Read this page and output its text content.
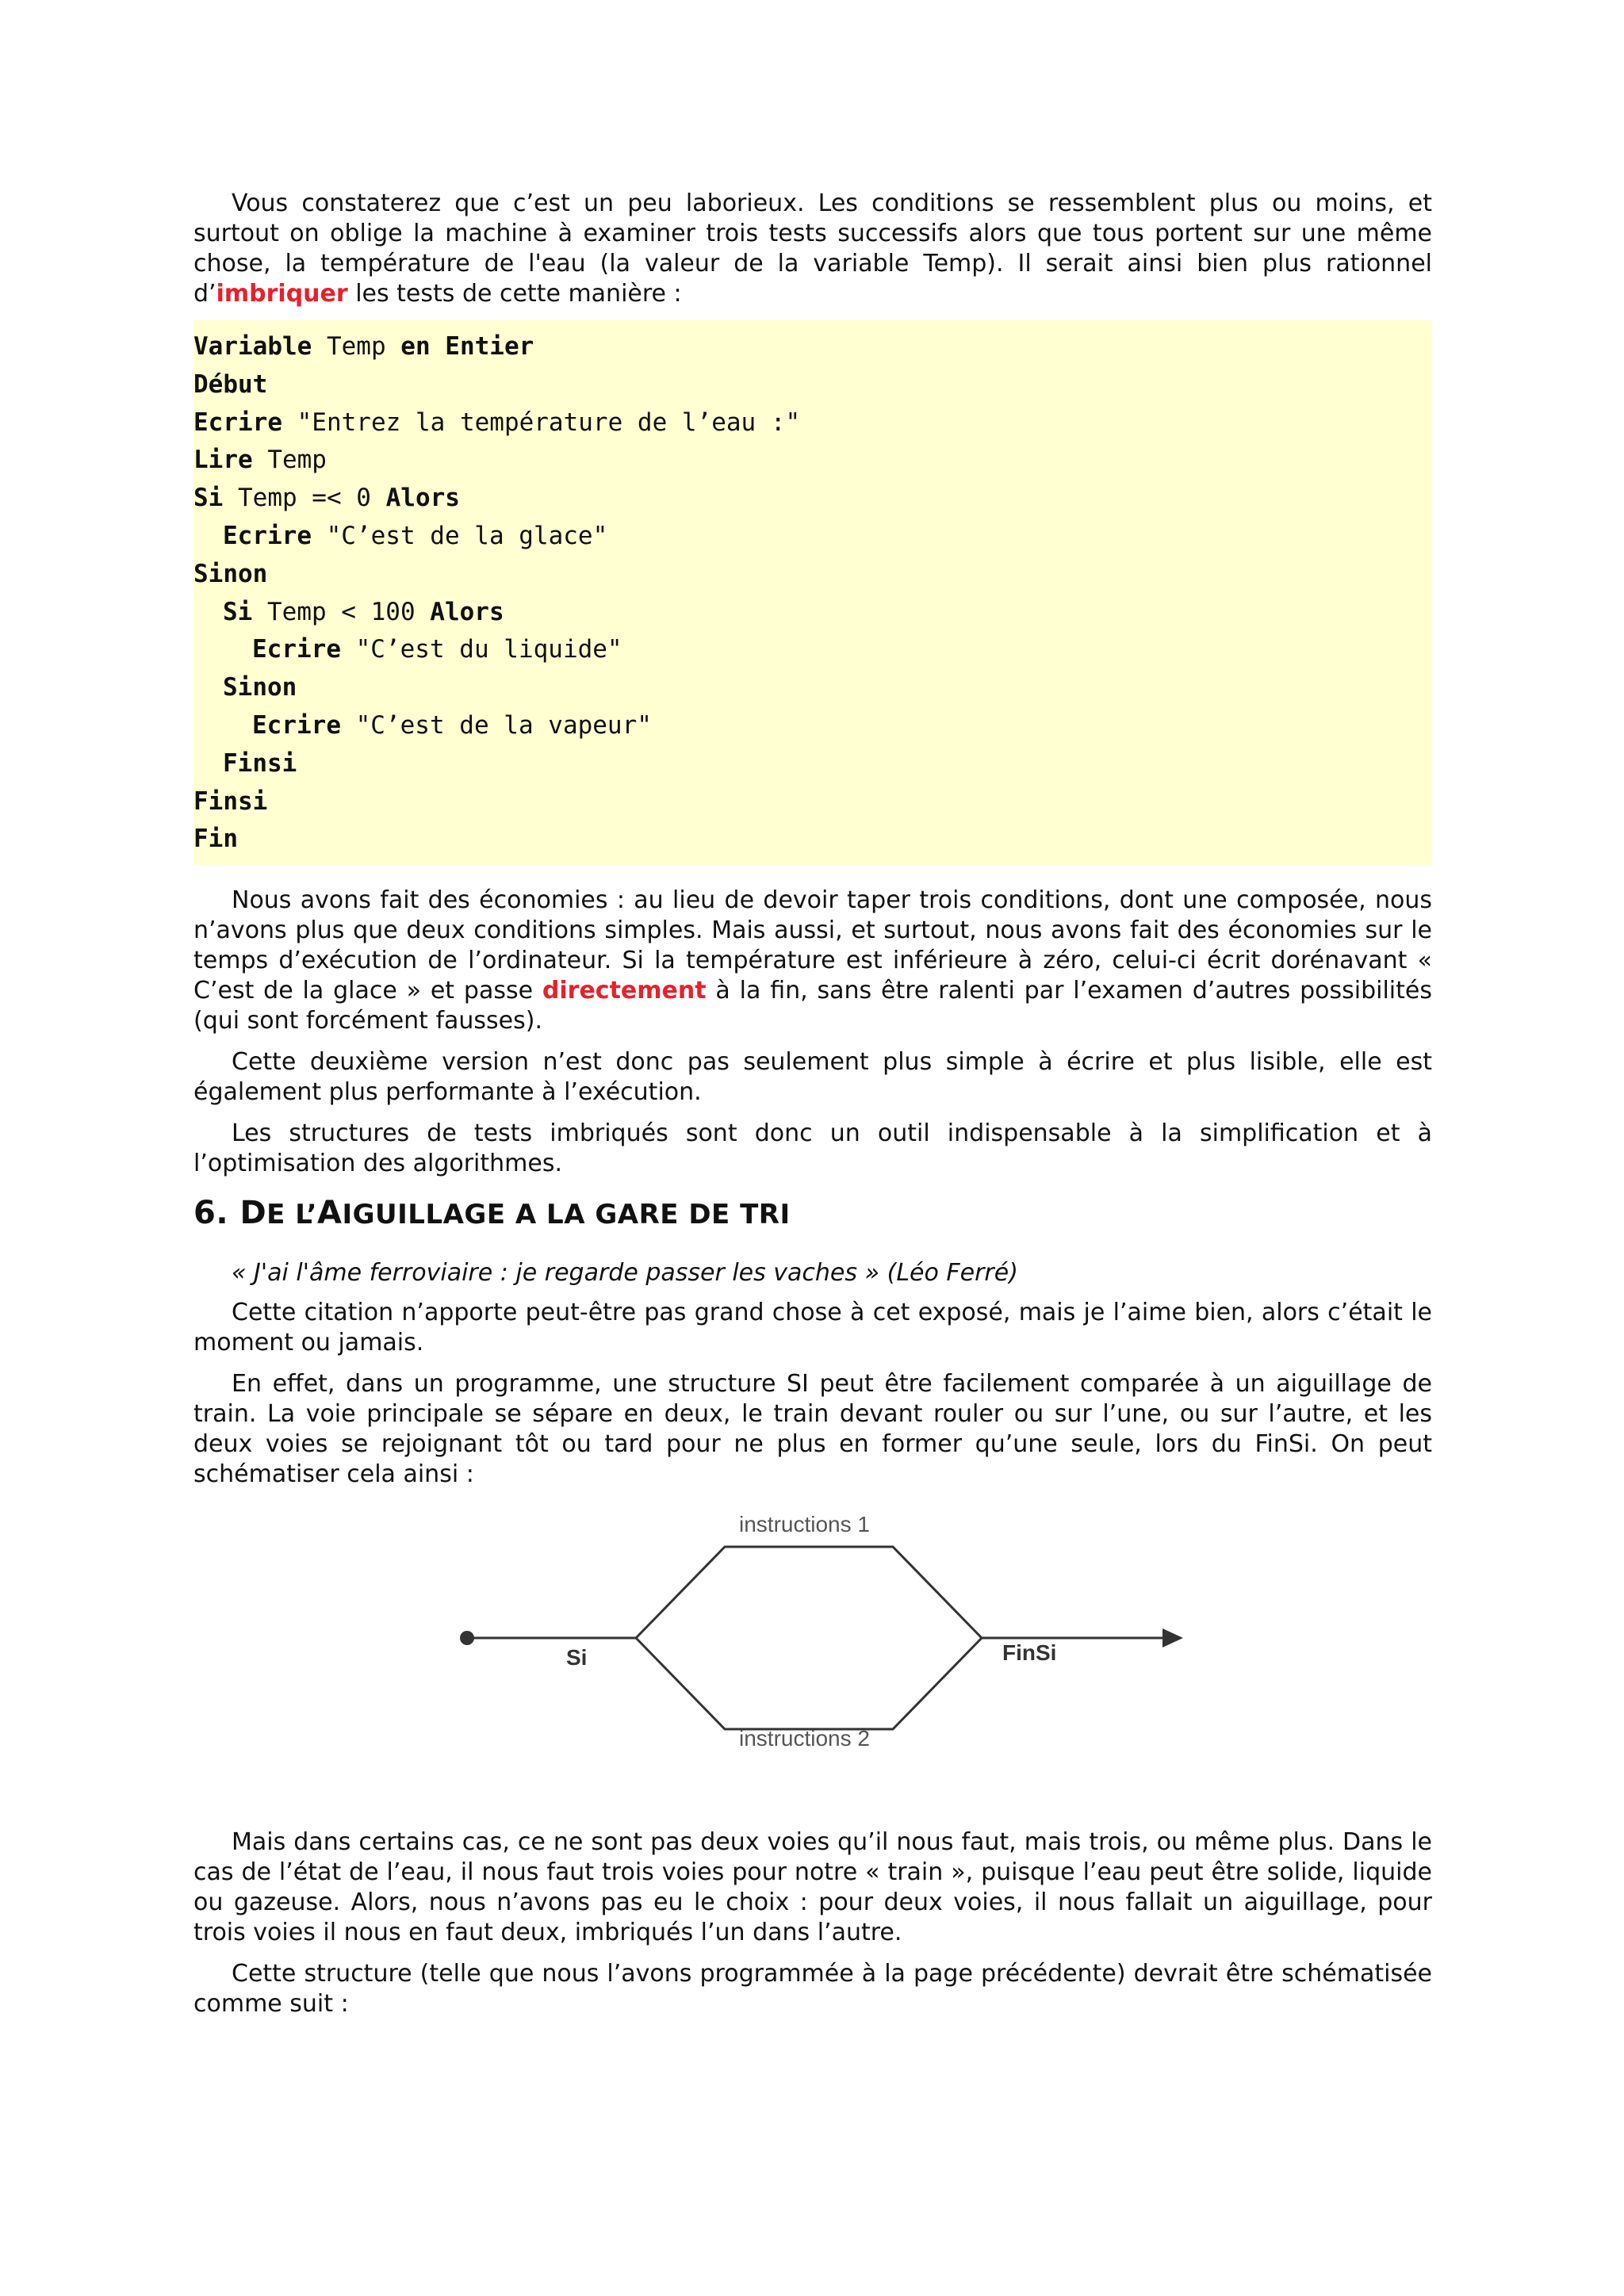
Vous constaterez que c’est un peu laborieux. Les conditions se ressemblent plus ou moins, et surtout on oblige la machine à examiner trois tests successifs alors que tous portent sur une même chose, la température de l'eau (la valeur de la variable Temp). Il serait ainsi bien plus rationnel d’imbriquer les tests de cette manière :

Variable Temp en Entier
Début
Ecrire "Entrez la température de l’eau :"
Lire Temp
Si Temp =< 0 Alors
Ecrire "C’est de la glace"
Sinon
Si Temp < 100 Alors
Ecrire "C’est du liquide"
Sinon
Ecrire "C’est de la vapeur"
Finsi
Finsi
Fin

Nous avons fait des économies : au lieu de devoir taper trois conditions, dont une composée, nous n’avons plus que deux conditions simples. Mais aussi, et surtout, nous avons fait des économies sur le temps d’exécution de l’ordinateur. Si la température est inférieure à zéro, celui-ci écrit dorénavant « C’est de la glace » et passe directement à la fin, sans être ralenti par l’examen d’autres possibilités (qui sont forcément fausses).

Cette deuxième version n’est donc pas seulement plus simple à écrire et plus lisible, elle est également plus performante à l’exécution.

Les structures de tests imbriqués sont donc un outil indispensable à la simplification et à l’optimisation des algorithmes.

6. DE L’AIGUILLAGE A LA GARE DE TRI

« J'ai l'âme ferroviaire : je regarde passer les vaches » (Léo Ferré)

Cette citation n’apporte peut-être pas grand chose à cet exposé, mais je l’aime bien, alors c’était le moment ou jamais.

En effet, dans un programme, une structure SI peut être facilement comparée à un aiguillage de train. La voie principale se sépare en deux, le train devant rouler ou sur l’une, ou sur l’autre, et les deux voies se rejoignant tôt ou tard pour ne plus en former qu’une seule, lors du FinSi. On peut schématiser cela ainsi :

instructions 1
instructions 2
Si	FinSi

Mais dans certains cas, ce ne sont pas deux voies qu’il nous faut, mais trois, ou même plus. Dans le cas de l’état de l’eau, il nous faut trois voies pour notre « train », puisque l’eau peut être solide, liquide ou gazeuse. Alors, nous n’avons pas eu le choix : pour deux voies, il nous fallait un aiguillage, pour trois voies il nous en faut deux, imbriqués l’un dans l’autre.

Cette structure (telle que nous l’avons programmée à la page précédente) devrait être schématisée comme suit :
